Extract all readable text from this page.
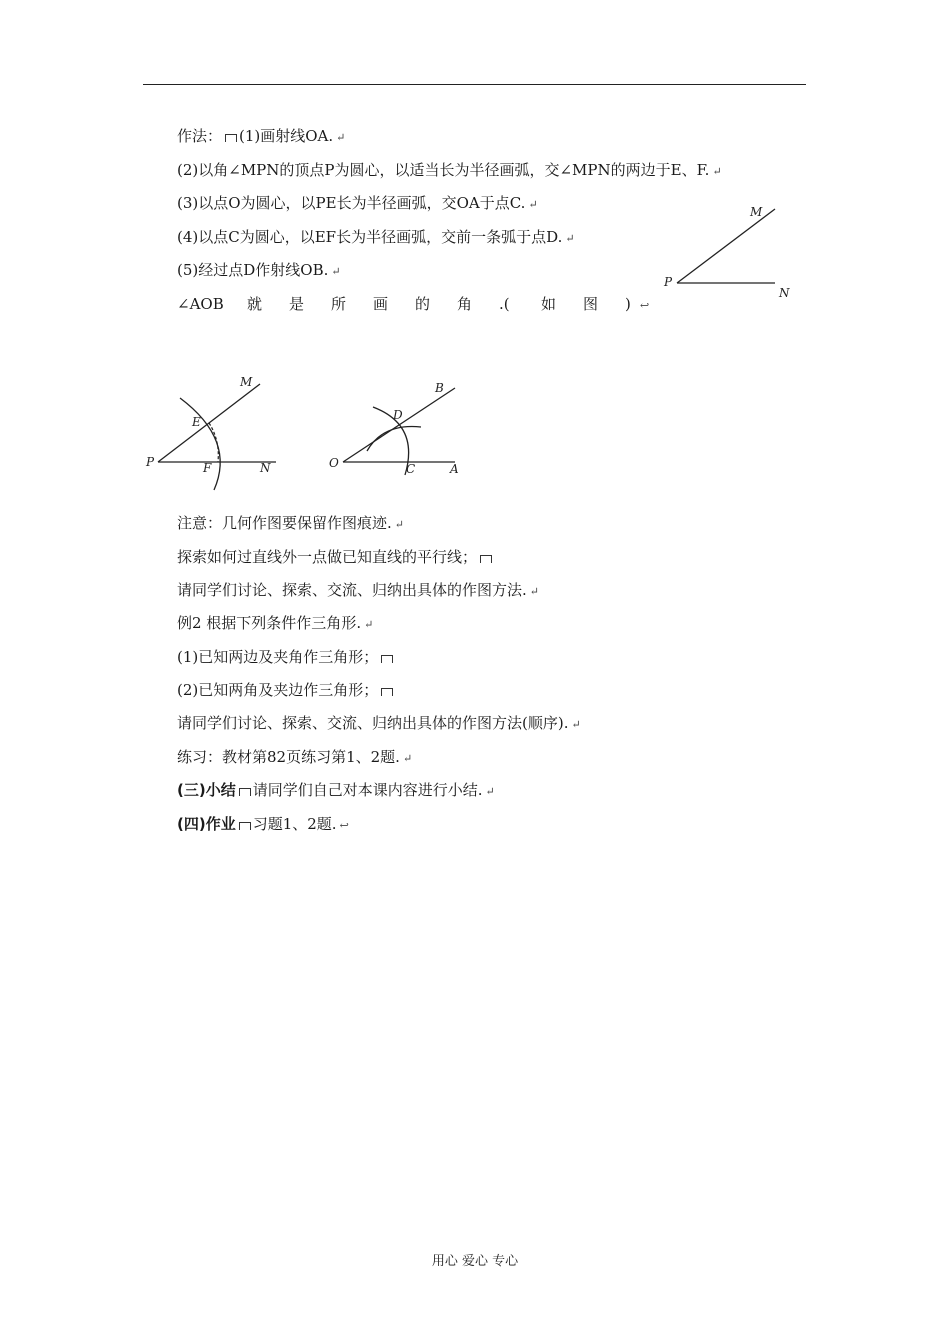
作法： (1)画射线OA. ↵
(2)以角∠MPN的顶点P为圆心，以适当长为半径画弧，交∠MPN的两边于E、F. ↵
(3)以点O为圆心，以PE长为半径画弧，交OA于点C. ↵
(4)以点C为圆心，以EF长为半径画弧，交前一条弧于点D. ↵
(5)经过点D作射线OB. ↵
∠AOB 就 是 所 画 的 角 .( 如 图 ) ↩
P
M
N
P
M
N
E
F	O
B
A
D
C
注意：几何作图要保留作图痕迹. ↵
探索如何过直线外一点做已知直线的平行线；
请同学们讨论、探索、交流、归纳出具体的作图方法. ↵
例2 根据下列条件作三角形. ↵
(1)已知两边及夹角作三角形；
(2)已知两角及夹边作三角形；
请同学们讨论、探索、交流、归纳出具体的作图方法(顺序). ↵
练习：教材第82页练习第1、2题. ↵
(三)小结 请同学们自己对本课内容进行小结. ↵
(四)作业 习题1、2题. ↩
用心 爱心 专心
